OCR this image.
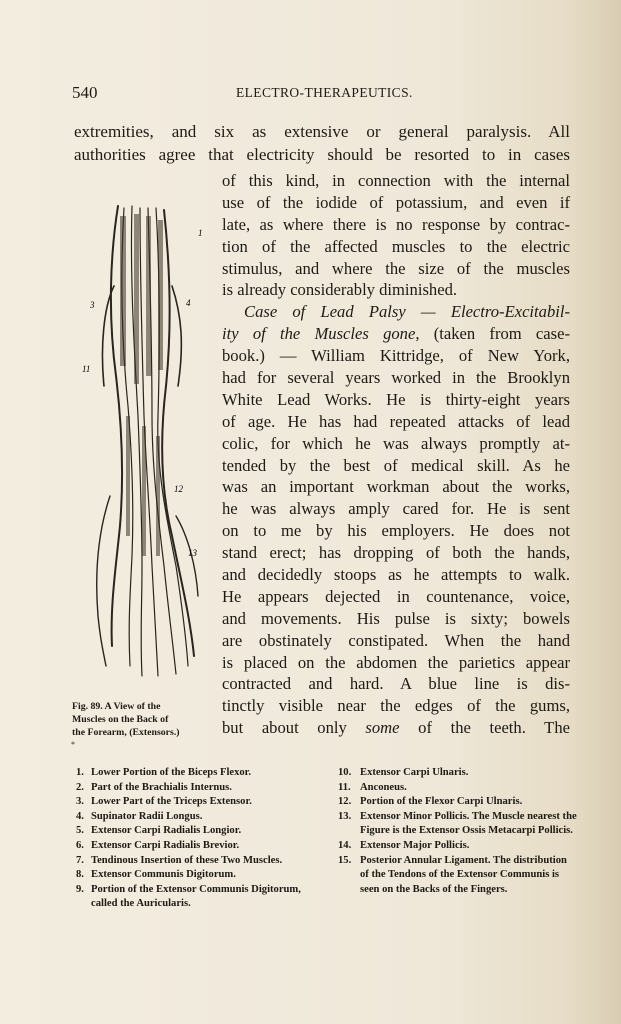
540	ELECTRO-THERAPEUTICS.
extremities, and six as extensive or general paralysis. All
authorities agree that electricity should be resorted to in cases
of this kind, in connection with the internal
use of the iodide of potassium, and even if
late, as where there is no response by contrac-
tion of the affected muscles to the electric
stimulus, and where the size of the muscles
is already considerably diminished.
Case of Lead Palsy — Electro-Excitabil-
ity of the Muscles gone, (taken from case-
book.) — William Kittridge, of New York,
had for several years worked in the Brooklyn
White Lead Works. He is thirty-eight years
of age. He has had repeated attacks of lead
colic, for which he was always promptly at-
tended by the best of medical skill. As he
was an important workman about the works,
he was always amply cared for. He is sent
on to me by his employers. He does not
stand erect; has dropping of both the hands,
and decidedly stoops as he attempts to walk.
He appears dejected in countenance, voice,
and movements. His pulse is sixty; bowels
are obstinately constipated. When the hand
is placed on the abdomen the parietics appear
contracted and hard. A blue line is dis-
tinctly visible near the edges of the gums,
but about only some of the teeth. The
3
1
4
11
12
13
Fig. 89. A View of the
Muscles on the Back of
the Forearm, (Extensors.)
*
1. Lower Portion of the Biceps Flexor.
2. Part of the Brachialis Internus.
3. Lower Part of the Triceps Extensor.
4. Supinator Radii Longus.
5. Extensor Carpi Radialis Longior.
6. Extensor Carpi Radialis Brevior.
7. Tendinous Insertion of these Two Muscles.
8. Extensor Communis Digitorum.
9. Portion of the Extensor Communis Digitorum, called the Auricularis.
10. Extensor Carpi Ulnaris.
11. Anconeus.
12. Portion of the Flexor Carpi Ulnaris.
13. Extensor Minor Pollicis. The Muscle nearest the Figure is the Extensor Ossis Metacarpi Pollicis.
14. Extensor Major Pollicis.
15. Posterior Annular Ligament. The distribution of the Tendons of the Extensor Communis is seen on the Backs of the Fingers.
